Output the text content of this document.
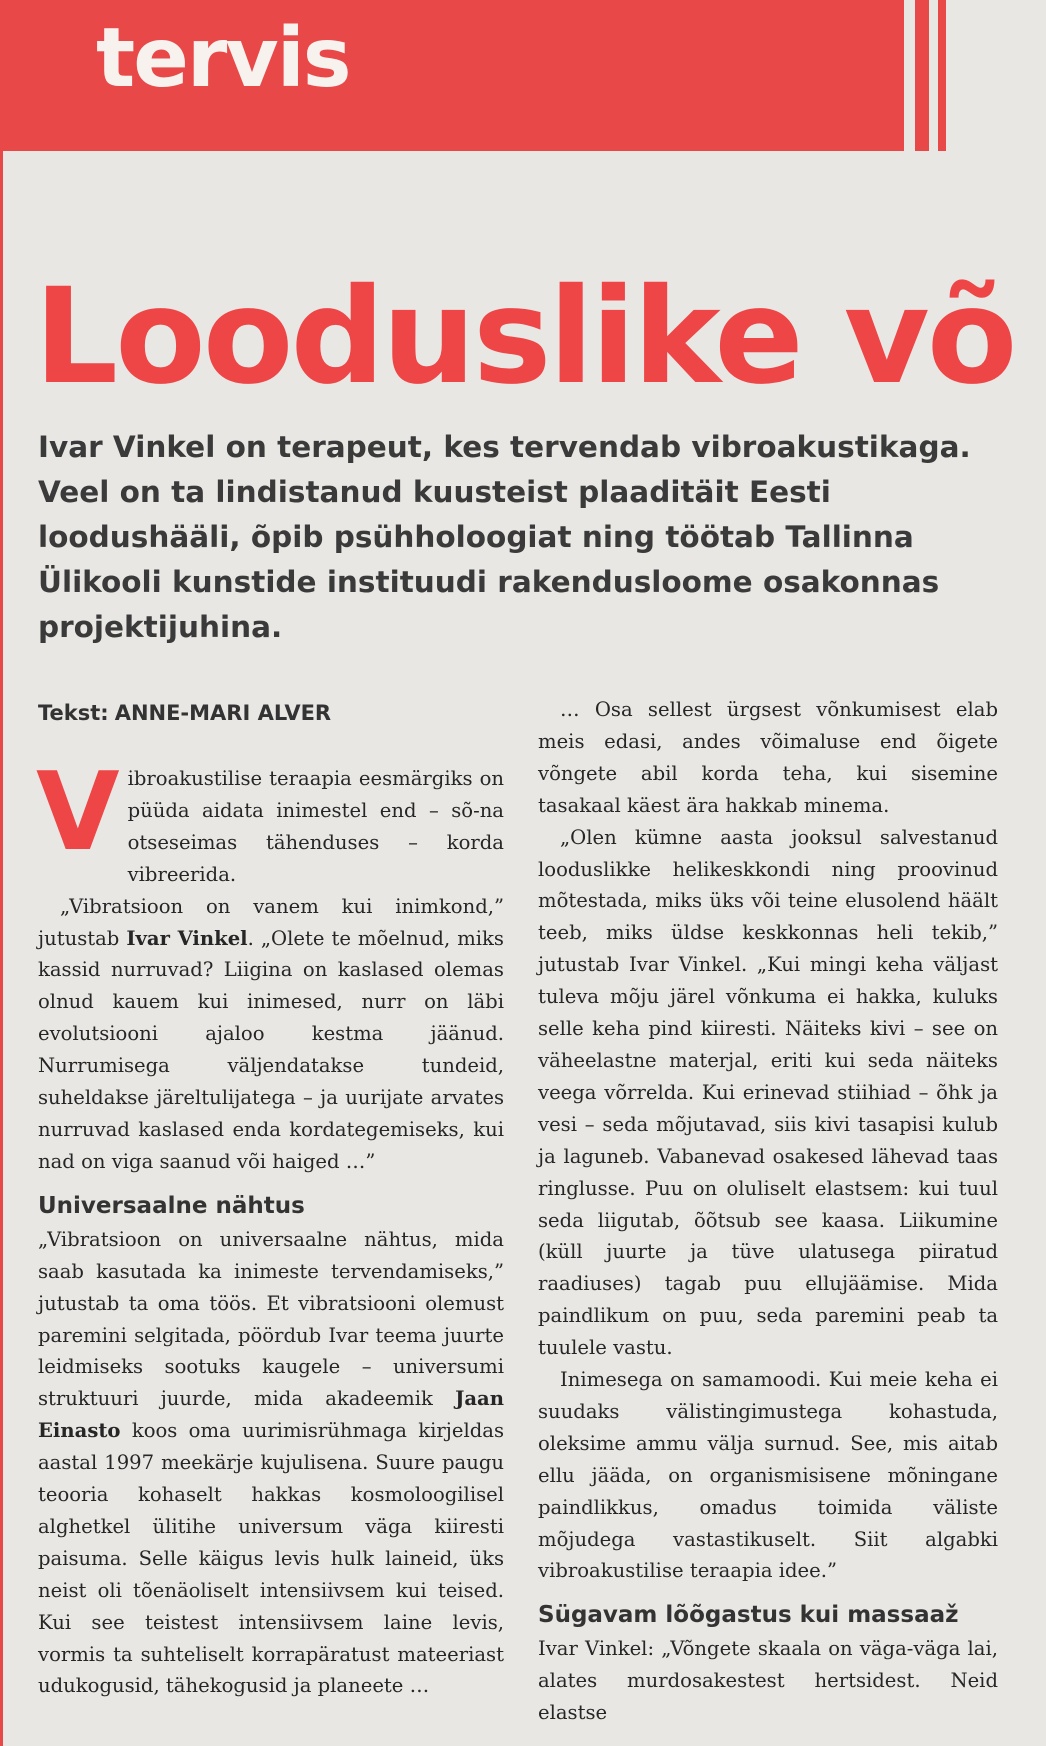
tervis
Looduslike võ
Ivar Vinkel on terapeut, kes tervendab vibroakustikaga. Veel on ta lindistanud kuusteist plaaditäit Eesti loodushääli, õpib psühholoogiat ning töötab Tallinna Ülikooli kunstide instituudi rakendusloome osakonnas projektijuhina.
Tekst: ANNE-MARI ALVER

Vibroakustilise teraapia eesmärgiks on püüda aidata inimestel end – sõ-na otseseimas tähenduses – korda vibreerida.

„Vibratsioon on vanem kui inimkond,” jutustab Ivar Vinkel. „Olete te mõelnud, miks kassid nurruvad? Liigina on kaslased olemas olnud kauem kui inimesed, nurr on läbi evolutsiooni ajaloo kestma jäänud. Nurrumisega väljendatakse tundeid, suheldakse järeltulijatega – ja uurijate arvates nurruvad kaslased enda kordategemiseks, kui nad on viga saanud või haiged …”

Universaalne nähtus

„Vibratsioon on universaalne nähtus, mida saab kasutada ka inimeste tervendamiseks,” jutustab ta oma töös. Et vibratsiooni olemust paremini selgitada, pöördub Ivar teema juurte leidmiseks sootuks kaugele – universumi struktuuri juurde, mida akadeemik Jaan Einasto koos oma uurimisrühmaga kirjeldas aastal 1997 meekärje kujulisena. Suure paugu teooria kohaselt hakkas kosmoloogilisel alghetkel ülitihe universum väga kiiresti paisuma. Selle käigus levis hulk laineid, üks neist oli tõenäoliselt intensiivsem kui teised. Kui see teistest intensiivsem laine levis, vormis ta suhteliselt korrapäratust mateeriast udukogusid, tähekogusid ja planeete …

… Osa sellest ürgsest võnkumisest elab meis edasi, andes võimaluse end õigete võngete abil korda teha, kui sisemine tasakaal käest ära hakkab minema.

„Olen kümne aasta jooksul salvestanud looduslikke helikeskkondi ning proovinud mõtestada, miks üks või teine elusolend häält teeb, miks üldse keskkonnas heli tekib,” jutustab Ivar Vinkel. „Kui mingi keha väljast tuleva mõju järel võnkuma ei hakka, kuluks selle keha pind kiiresti. Näiteks kivi – see on väheelastne materjal, eriti kui seda näiteks veega võrrelda. Kui erinevad stiihiad – õhk ja vesi – seda mõjutavad, siis kivi tasapisi kulub ja laguneb. Vabanevad osakesed lähevad taas ringlusse. Puu on oluliselt elastsem: kui tuul seda liigutab, õõtsub see kaasa. Liikumine (küll juurte ja tüve ulatusega piiratud raadiuses) tagab puu ellujäämise. Mida paindlikum on puu, seda paremini peab ta tuulele vastu.

Inimesega on samamoodi. Kui meie keha ei suudaks välistingimustega kohastuda, oleksime ammu välja surnud. See, mis aitab ellu jääda, on organismisisene mõningane paindlikkus, omadus toimida väliste mõjudega vastastikuselt. Siit algabki vibroakustilise teraapia idee.”

Sügavam lõõgastus kui massaaž

Ivar Vinkel: „Võngete skaala on väga-väga lai, alates murdosakestest hertsidest. Neid elastse
